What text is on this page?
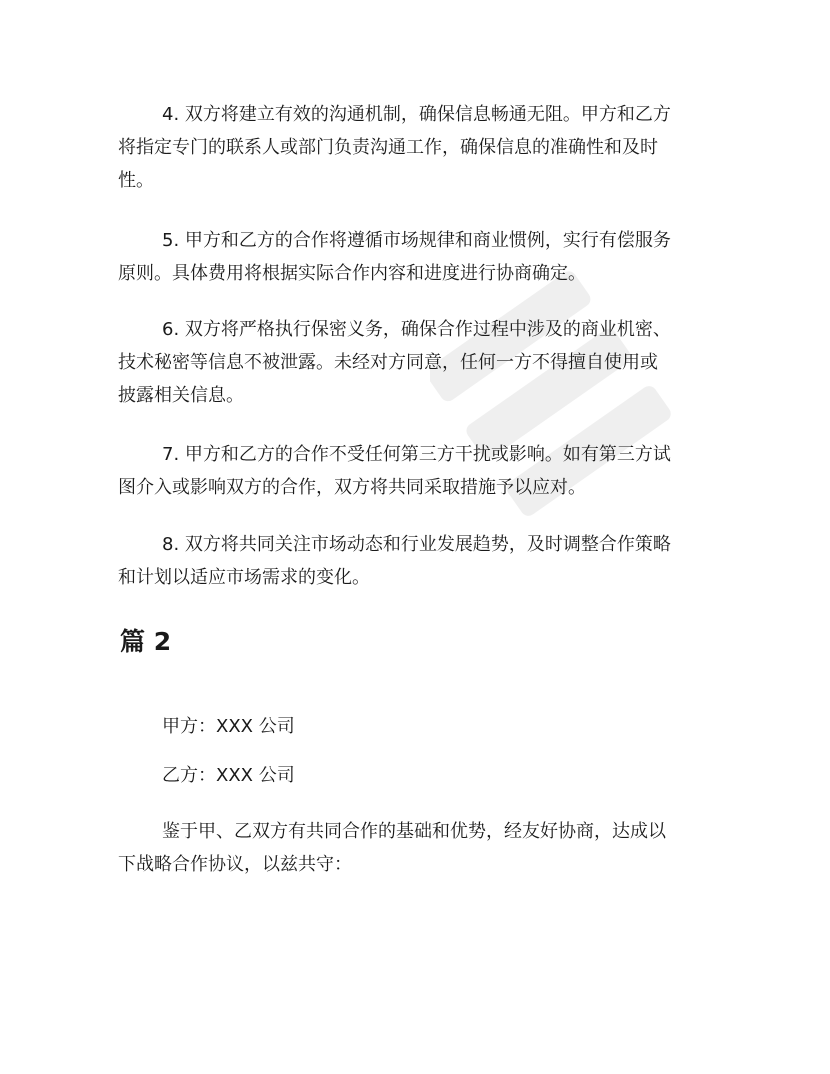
4. 双方将建立有效的沟通机制，确保信息畅通无阻。甲方和乙方
将指定专门的联系人或部门负责沟通工作，确保信息的准确性和及时
性。

5. 甲方和乙方的合作将遵循市场规律和商业惯例，实行有偿服务
原则。具体费用将根据实际合作内容和进度进行协商确定。

6. 双方将严格执行保密义务，确保合作过程中涉及的商业机密、
技术秘密等信息不被泄露。未经对方同意，任何一方不得擅自使用或
披露相关信息。

7. 甲方和乙方的合作不受任何第三方干扰或影响。如有第三方试
图介入或影响双方的合作，双方将共同采取措施予以应对。

8. 双方将共同关注市场动态和行业发展趋势，及时调整合作策略
和计划以适应市场需求的变化。

篇 2

甲方：XXX 公司

乙方：XXX 公司

鉴于甲、乙双方有共同合作的基础和优势，经友好协商，达成以
下战略合作协议，以兹共守：
